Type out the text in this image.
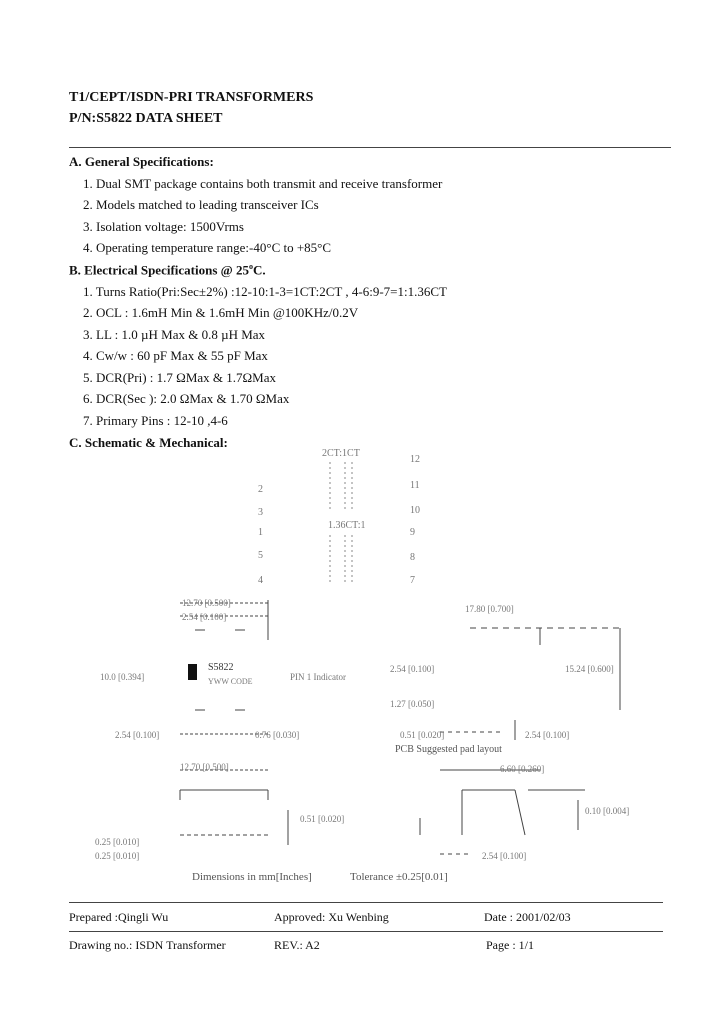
T1/CEPT/ISDN-PRI TRANSFORMERS
P/N:S5822 DATA SHEET
A. General Specifications:
1. Dual SMT package contains both transmit and receive transformer
2. Models matched to leading transceiver ICs
3. Isolation voltage: 1500Vrms
4. Operating temperature range:-40°C to +85°C
B. Electrical Specifications @ 25$^o$C.
1. Turns Ratio(Pri:Sec±2%) :12-10:1-3=1CT:2CT , 4-6:9-7=1:1.36CT
2. OCL : 1.6mH Min & 1.6mH Min @100KHz/0.2V
3. LL : 1.0 µH Max & 0.8 µH Max
4. Cw/w : 60 pF Max & 55 pF Max
5. DCR(Pri) : 1.7 ΩMax & 1.7ΩMax
6. DCR(Sec ): 2.0 ΩMax & 1.70 ΩMax
7. Primary Pins : 12-10 ,4-6
C. Schematic & Mechanical:
2CT:1CT
1.36CT:1
2
3
1
5
4
12
11
10
9
8
7
12.70 [0.500]
2.54 [0.100]
10.0 [0.394]
S5822
YWW CODE	PIN 1 Indicator
2.54 [0.100]	0.76 [0.030]
17.80 [0.700]
2.54 [0.100]	15.24 [0.600]
1.27 [0.050]
0.51 [0.020]	2.54 [0.100]
PCB Suggested pad layout
12.70 [0.500]
0.25 [0.010]
0.25 [0.010]
0.51 [0.020]
6.60 [0.260]
0.10 [0.004]
2.54 [0.100]
Dimensions in mm[Inches]	Tolerance ±0.25[0.01]
Prepared :Qingli Wu	Approved: Xu Wenbing	Date : 2001/02/03
Drawing no.: ISDN Transformer	REV.: A2	Page : 1/1
